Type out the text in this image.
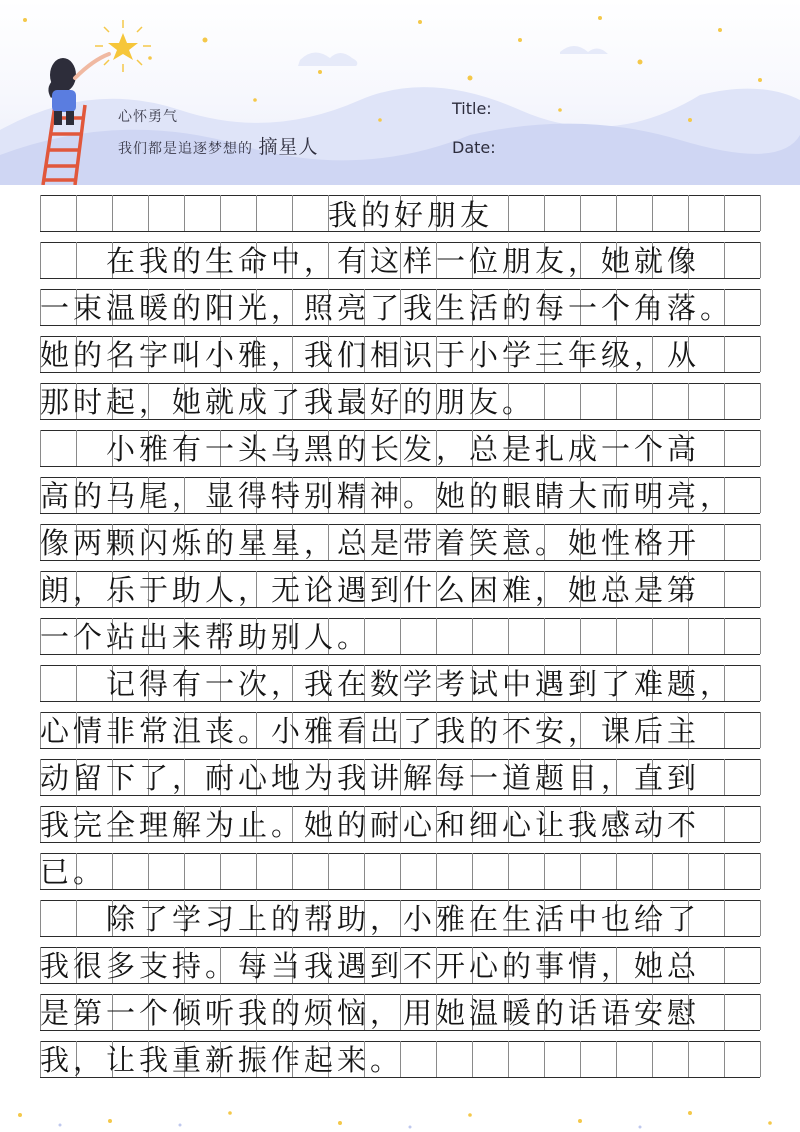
心怀勇气

我们都是追逐梦想的 摘星人

Title:
Date:
　　在我的生命中，有这样一位朋友，她就像
一束温暖的阳光，照亮了我生活的每一个角落。
她的名字叫小雅，我们相识于小学三年级，从
那时起，她就成了我最好的朋友。
　　小雅有一头乌黑的长发，总是扎成一个高
高的马尾，显得特别精神。她的眼睛大而明亮，
像两颗闪烁的星星，总是带着笑意。她性格开
朗，乐于助人，无论遇到什么困难，她总是第
一个站出来帮助别人。
　　记得有一次，我在数学考试中遇到了难题，
心情非常沮丧。小雅看出了我的不安，课后主
动留下了，耐心地为我讲解每一道题目，直到
我完全理解为止。她的耐心和细心让我感动不
已。
　　除了学习上的帮助，小雅在生活中也给了
我很多支持。每当我遇到不开心的事情，她总
是第一个倾听我的烦恼，用她温暖的话语安慰
我，让我重新振作起来。
我的好朋友
